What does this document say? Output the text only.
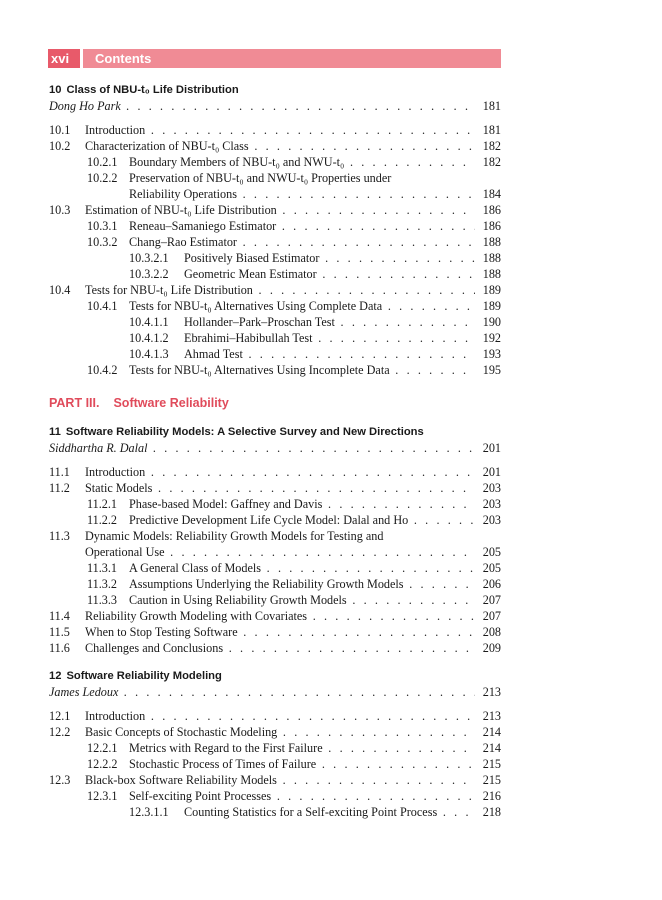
xvi	Contents
10 Class of NBU-t₀ Life Distribution
Dong Ho Park . . .	181
10.1 Introduction . . .	181
10.2 Characterization of NBU-t₀ Class . . .	182
10.2.1 Boundary Members of NBU-t₀ and NWU-t₀ . . .	182
10.2.2 Preservation of NBU-t₀ and NWU-t₀ Properties under
Reliability Operations . . .	184
10.3 Estimation of NBU-t₀ Life Distribution . . .	186
10.3.1 Reneau–Samaniego Estimator . . .	186
10.3.2 Chang–Rao Estimator . . .	188
10.3.2.1 Positively Biased Estimator . . .	188
10.3.2.2 Geometric Mean Estimator . . .	188
10.4 Tests for NBU-t₀ Life Distribution . . .	189
10.4.1 Tests for NBU-t₀ Alternatives Using Complete Data . . .	189
10.4.1.1 Hollander–Park–Proschan Test . . .	190
10.4.1.2 Ebrahimi–Habibullah Test . . .	192
10.4.1.3 Ahmad Test . . .	193
10.4.2 Tests for NBU-t₀ Alternatives Using Incomplete Data . . .	195
PART III. Software Reliability
11 Software Reliability Models: A Selective Survey and New Directions
Siddhartha R. Dalal . . .	201
11.1 Introduction . . .	201
11.2 Static Models . . .	203
11.2.1 Phase-based Model: Gaffney and Davis . . .	203
11.2.2 Predictive Development Life Cycle Model: Dalal and Ho . . .	203
11.3 Dynamic Models: Reliability Growth Models for Testing and
Operational Use . . .	205
11.3.1 A General Class of Models . . .	205
11.3.2 Assumptions Underlying the Reliability Growth Models . . .	206
11.3.3 Caution in Using Reliability Growth Models . . .	207
11.4 Reliability Growth Modeling with Covariates . . .	207
11.5 When to Stop Testing Software . . .	208
11.6 Challenges and Conclusions . . .	209
12 Software Reliability Modeling
James Ledoux . . .	213
12.1 Introduction . . .	213
12.2 Basic Concepts of Stochastic Modeling . . .	214
12.2.1 Metrics with Regard to the First Failure . . .	214
12.2.2 Stochastic Process of Times of Failure . . .	215
12.3 Black-box Software Reliability Models . . .	215
12.3.1 Self-exciting Point Processes . . .	216
12.3.1.1 Counting Statistics for a Self-exciting Point Process . . .	218
